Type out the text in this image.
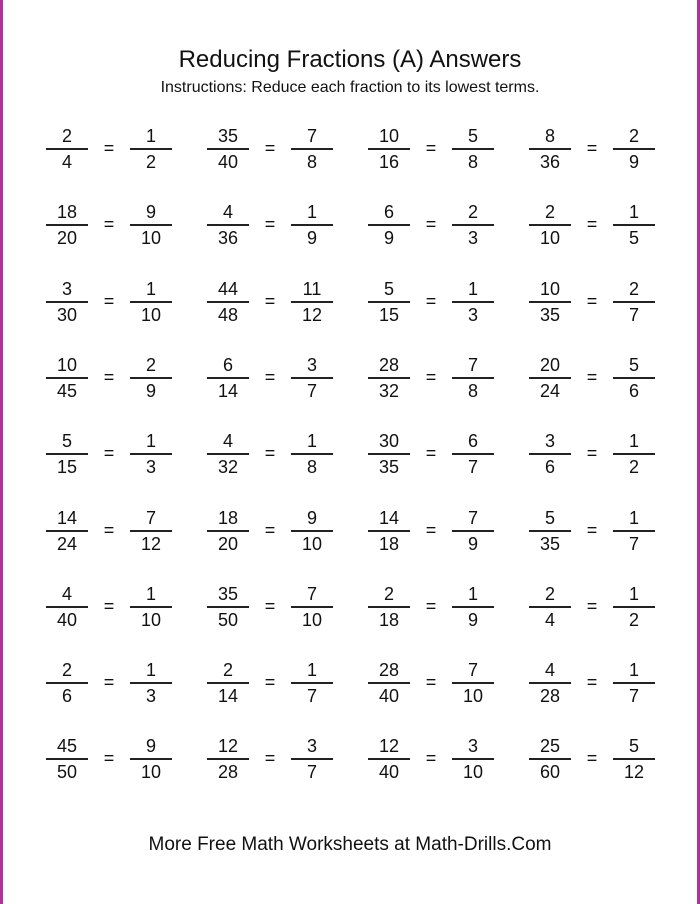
Reducing Fractions (A) Answers
Instructions: Reduce each fraction to its lowest terms.
2
4
=
1
2
35
40
=
7
8
10
16
=
5
8
8
36
=
2
9
18
20
=
9
10
4
36
=
1
9
6
9
=
2
3
2
10
=
1
5
3
30
=
1
10
44
48
=
11
12
5
15
=
1
3
10
35
=
2
7
10
45
=
2
9
6
14
=
3
7
28
32
=
7
8
20
24
=
5
6
5
15
=
1
3
4
32
=
1
8
30
35
=
6
7
3
6
=
1
2
14
24
=
7
12
18
20
=
9
10
14
18
=
7
9
5
35
=
1
7
4
40
=
1
10
35
50
=
7
10
2
18
=
1
9
2
4
=
1
2
2
6
=
1
3
2
14
=
1
7
28
40
=
7
10
4
28
=
1
7
45
50
=
9
10
12
28
=
3
7
12
40
=
3
10
25
60
=
5
12
More Free Math Worksheets at Math-Drills.Com
